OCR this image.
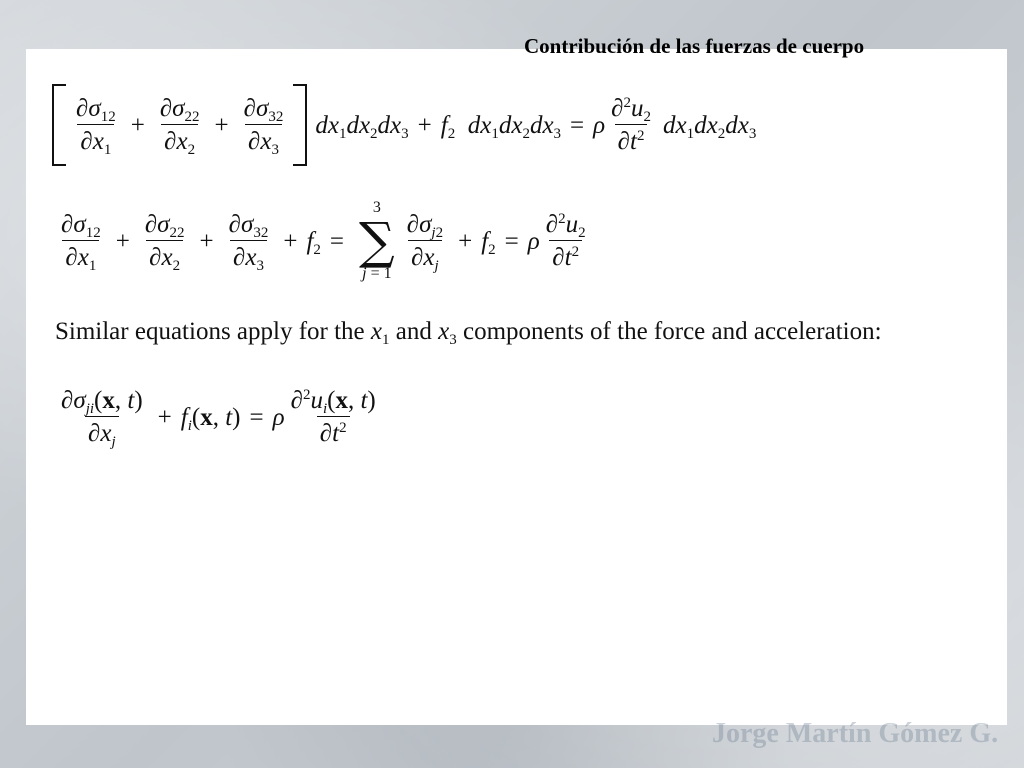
Contribución de las fuerzas de cuerpo
$\frac{\partial\sigma_{12}}{\partial x_1} + \frac{\partial\sigma_{22}}{\partial x_2} + \frac{\partial\sigma_{32}}{\partial x_3} dx_1dx_2dx_3 + f_2$ $dx_1dx_2dx_3 = \rho \frac{\partial^2u_2}{\partial t^2} dx_1dx_2dx_3$
$\frac{\partial\sigma_{12}}{\partial x_1} + \frac{\partial\sigma_{22}}{\partial x_2} + \frac{\partial\sigma_{32}}{\partial x_3} + f_2$ =
3
∑
j = 1
$\frac{\partial\sigma_{j2}}{\partial x_j} + f_2 = \rho \frac{\partial^2u_2}{\partial t^2}$
Similar equations apply for the $x_1$ and $x_3$ components of the force and acceleration:
$\frac{\partial\sigma_{ji}(x, t)}{\partial x_j} + f_i(x$, t) = ρ $\frac{\partial^2u_i(x, t)}{\partial t^2}$
Jorge Martín Gómez G.
